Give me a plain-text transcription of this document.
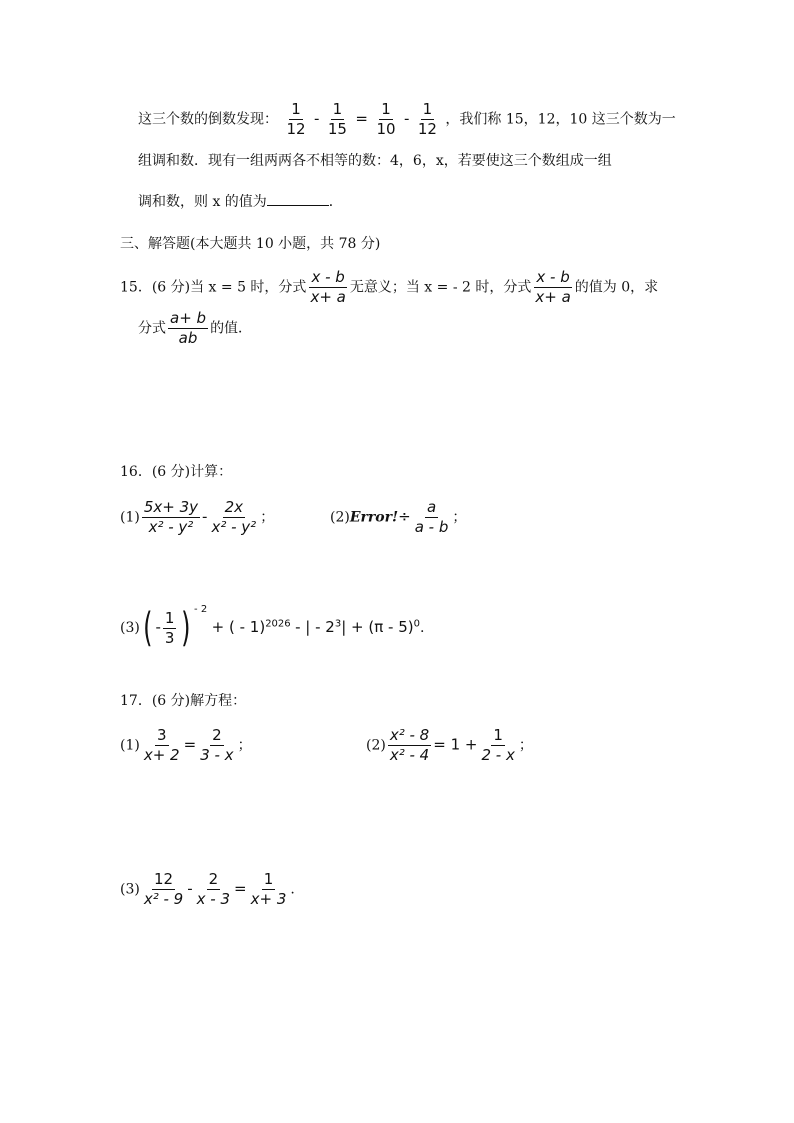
这三个数的倒数发现： $\frac{1}{12} - \frac{1}{15} = \frac{1}{10} - \frac{1}{12}$ ，我们称 15，12，10 这三个数为一
组调和数．现有一组两两各不相等的数：4，6，x，若要使这三个数组成一组
调和数，则 x 的值为	．
三、解答题(本大题共 10 小题，共 78 分)
15．(6 分)当 x = 5 时，分式 $\frac{x - b}{x+ a}$ 无意义；当 x = - 2 时，分式 $\frac{x - b}{x+ a}$ 的值为 0，求
分式 $\frac{a+ b}{ab}$ 的值．
16．(6 分)计算：
$(1) \frac{5x+ 3y}{\text{x² - y²}} - \frac{2x}{\text{x² - y²}}$ ；	(2)Error!÷ $\frac{a}{a - b}$ ；
$(3)( - \frac{1}{3}$ ) $^{- 2}$ + ( - 1)$^{2026}$ - | - $2^3| + (\pi - 5)^0$.
17．(6 分)解方程：
$(1) \frac{3}{x+ 2} = \frac{2}{3 - x}$ ；	$(2) \frac{\text{x² - 8}}{\text{x² - 4}} = 1 + \frac{1}{2 - x}$ ；
$(3) \frac{12}{\text{x² - 9}} - \frac{2}{x - 3} = \frac{1}{x+ 3}$ .
